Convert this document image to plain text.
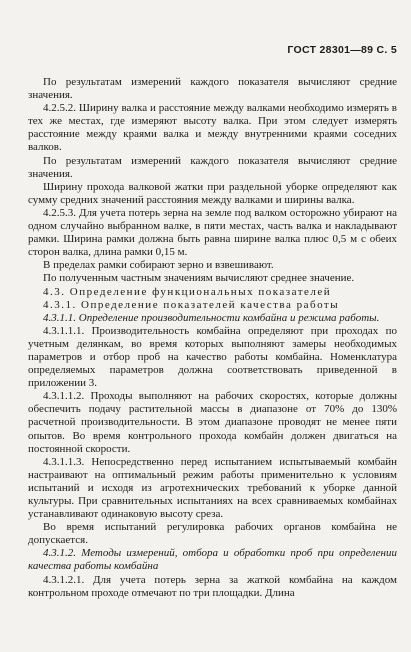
ГОСТ 28301—89 С. 5

По результатам измерений каждого показателя вычисляют средние значения.

4.2.5.2. Ширину валка и расстояние между валками необходимо измерять в тех же местах, где измеряют высоту валка. При этом следует измерять расстояние между краями валка и между внутренними краями соседних валков.

По результатам измерений каждого показателя вычисляют средние значения.

Ширину прохода валковой жатки при раздельной уборке определяют как сумму средних значений расстояния между валками и ширины валка.

4.2.5.3. Для учета потерь зерна на земле под валком осторожно убирают на одном случайно выбранном валке, в пяти местах, часть валка и накладывают рамки. Ширина рамки должна быть равна ширине валка плюс 0,5 м с обеих сторон валка, длина рамки 0,15 м.

В пределах рамки собирают зерно и взвешивают.

По полученным частным значениям вычисляют среднее значение.

4.3. Определение функциональных показателей

4.3.1. Определение показателей качества работы

4.3.1.1. Определение производительности комбайна и режима работы.

4.3.1.1.1. Производительность комбайна определяют при проходах по учетным делянкам, во время которых выполняют замеры необходимых параметров и отбор проб на качество работы комбайна. Номенклатура определяемых параметров должна соответствовать приведенной в приложении 3.

4.3.1.1.2. Проходы выполняют на рабочих скоростях, которые должны обеспечить подачу растительной массы в диапазоне от 70% до 130% расчетной производительности. В этом диапазоне проводят не менее пяти опытов. Во время контрольного прохода комбайн должен двигаться на постоянной скорости.

4.3.1.1.3. Непосредственно перед испытанием испытываемый комбайн настраивают на оптимальный режим работы применительно к условиям испытаний и исходя из агротехнических требований к уборке данной культуры. При сравнительных испытаниях на всех сравниваемых комбайнах устанавливают одинаковую высоту среза.

Во время испытаний регулировка рабочих органов комбайна не допускается.

4.3.1.2. Методы измерений, отбора и обработки проб при определении качества работы комбайна

4.3.1.2.1. Для учета потерь зерна за жаткой комбайна на каждом контрольном проходе отмечают по три площадки. Длина
